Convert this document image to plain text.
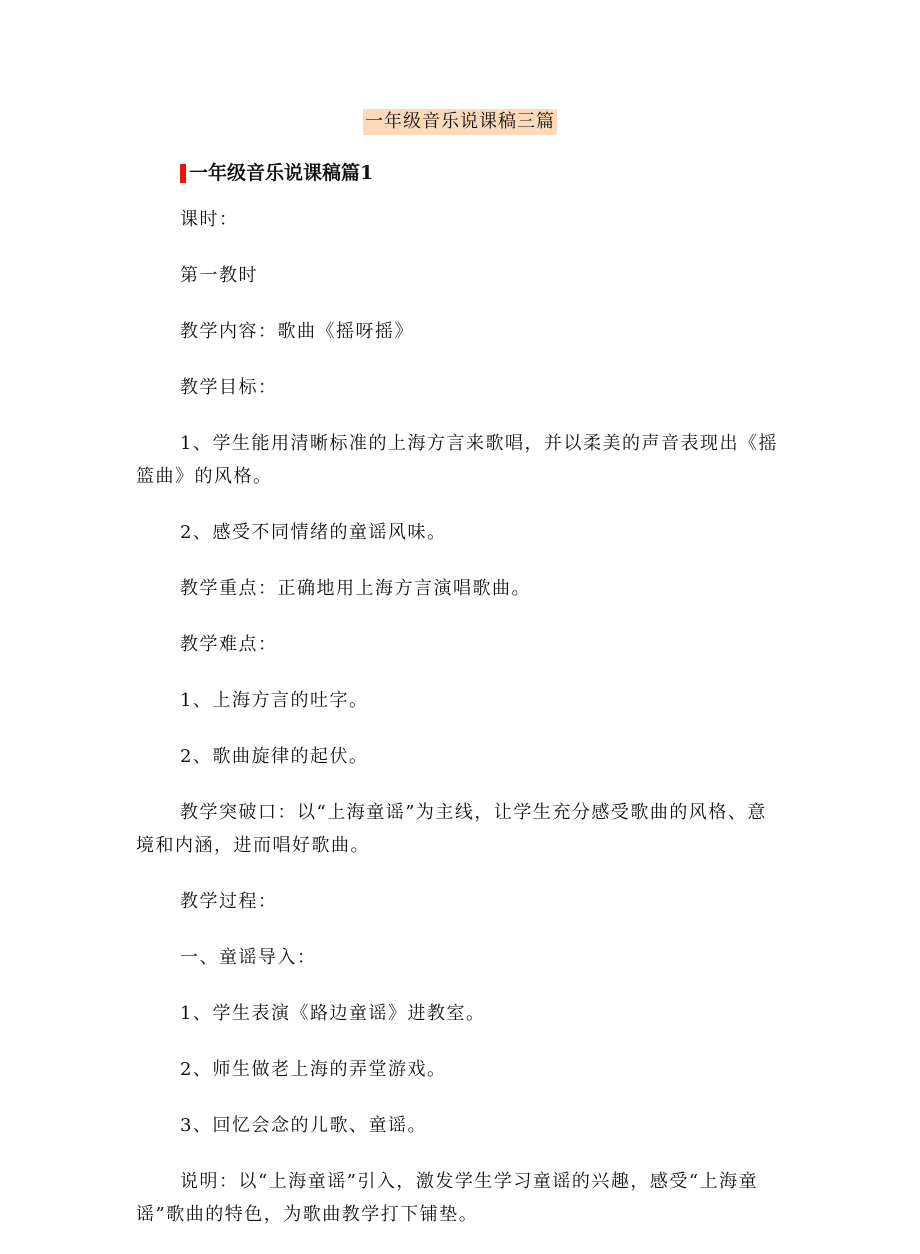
一年级音乐说课稿三篇
一年级音乐说课稿篇1

课时：

第一教时

教学内容：歌曲《摇呀摇》

教学目标：

1、学生能用清晰标准的上海方言来歌唱，并以柔美的声音表现出《摇篮曲》的风格。

2、感受不同情绪的童谣风味。

教学重点：正确地用上海方言演唱歌曲。

教学难点：

1、上海方言的吐字。

2、歌曲旋律的起伏。

教学突破口：以“上海童谣”为主线，让学生充分感受歌曲的风格、意境和内涵，进而唱好歌曲。

教学过程：

一、童谣导入：

1、学生表演《路边童谣》进教室。

2、师生做老上海的弄堂游戏。

3、回忆会念的儿歌、童谣。

说明：以“上海童谣”引入，激发学生学习童谣的兴趣，感受“上海童谣”歌曲的特色，为歌曲教学打下铺垫。
